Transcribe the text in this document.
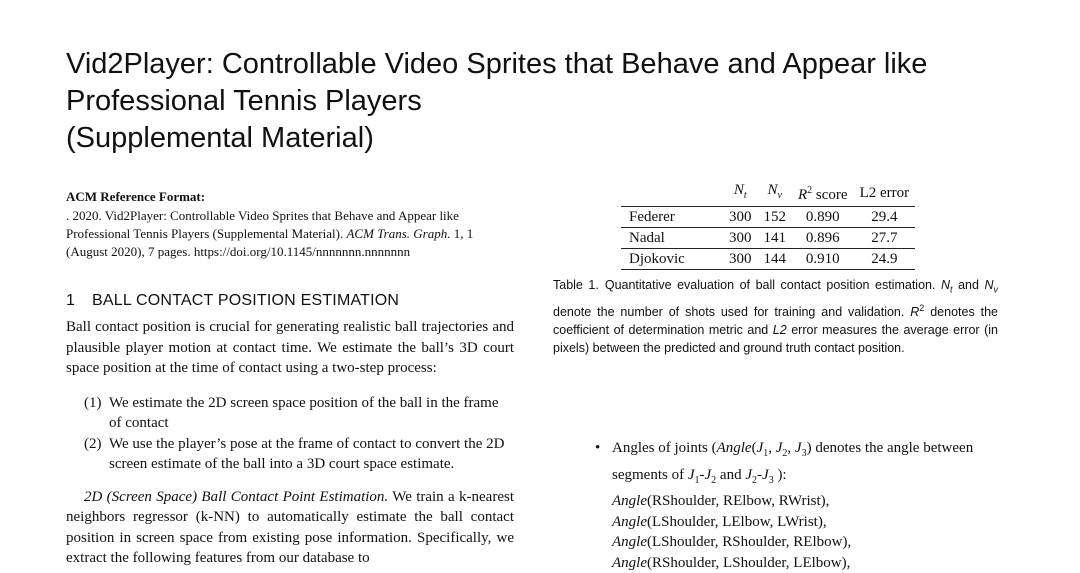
Vid2Player: Controllable Video Sprites that Behave and Appear like
Professional Tennis Players
(Supplemental Material)
ACM Reference Format:
. 2020. Vid2Player: Controllable Video Sprites that Behave and Appear like Professional Tennis Players (Supplemental Material). ACM Trans. Graph. 1, 1 (August 2020), 7 pages. https://doi.org/10.1145/nnnnnnn.nnnnnnn
1 BALL CONTACT POSITION ESTIMATION
Ball contact position is crucial for generating realistic ball trajectories and plausible player motion at contact time. We estimate the ball’s 3D court space position at the time of contact using a two-step process:
(1) We estimate the 2D screen space position of the ball in the frame of contact
(2) We use the player’s pose at the frame of contact to convert the 2D screen estimate of the ball into a 3D court space estimate.
2D (Screen Space) Ball Contact Point Estimation. We train a k-nearest neighbors regressor (k-NN) to automatically estimate the ball contact position in screen space from existing pose information. Specifically, we extract the following features from our database to
	$N_t$	$N_v$	$R^2$ score	L2 error
Federer	300	152	0.890	29.4
Nadal	300	141	0.896	27.7
Djokovic	300	144	0.910	24.9
Table 1. Quantitative evaluation of ball contact position estimation. $N_t$ and $N_v$ denote the number of shots used for training and validation. $R^2$ denotes the coefficient of determination metric and L2 error measures the average error (in pixels) between the predicted and ground truth contact position.
• Angles of joints ($Angle(J_1$, $J_2$, $J_3$) denotes the angle between
segments of $J_1-J_2$ and $J_2-J_3$ ):
Angle(RShoulder, RElbow, RWrist),
Angle(LShoulder, LElbow, LWrist),
Angle(LShoulder, RShoulder, RElbow),
Angle(RShoulder, LShoulder, LElbow),
